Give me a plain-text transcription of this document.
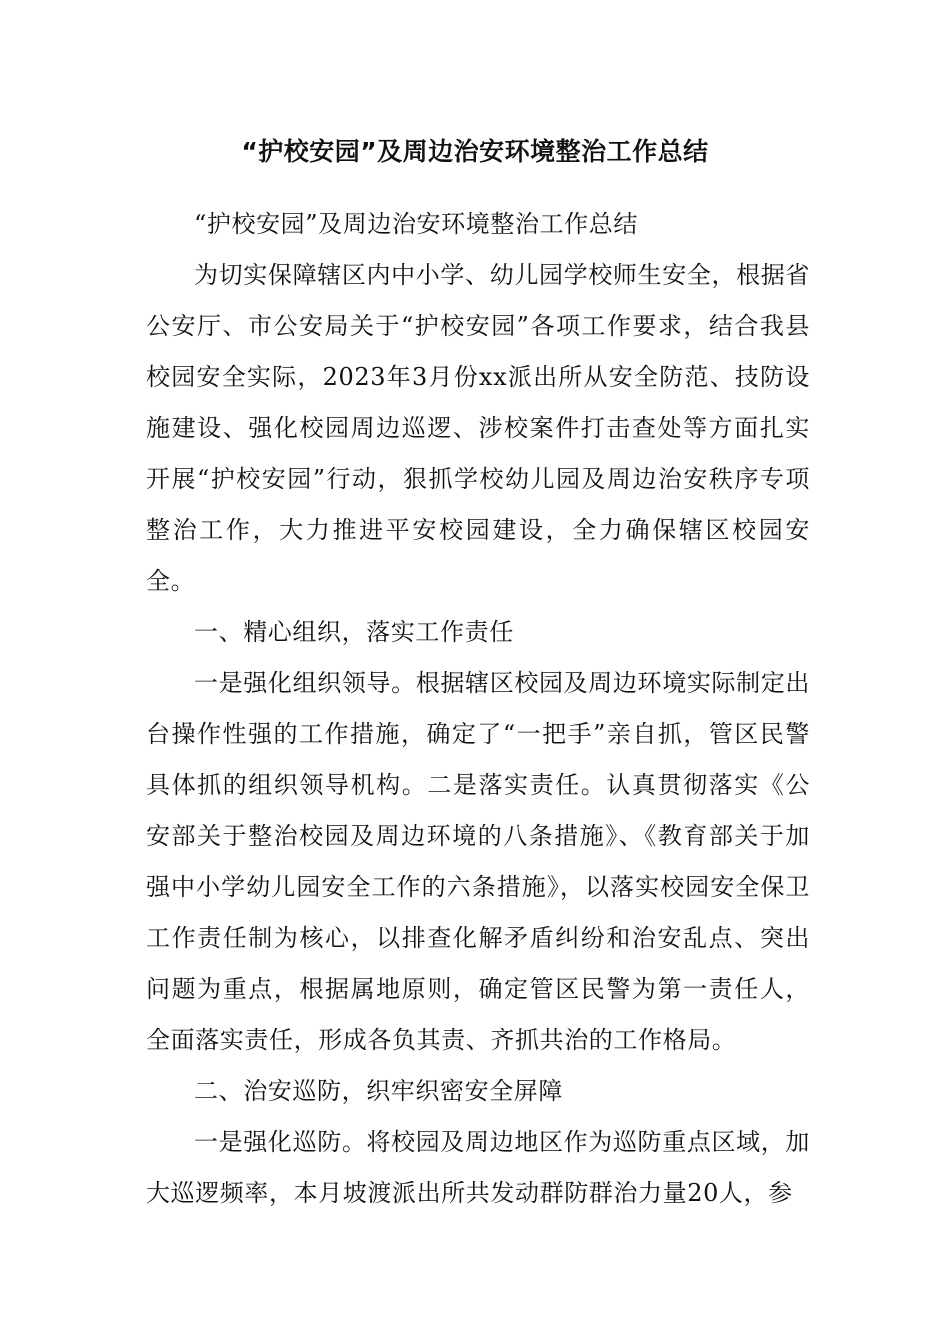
“护校安园”及周边治安环境整治工作总结

“护校安园”及周边治安环境整治工作总结

为切实保障辖区内中小学、幼儿园学校师生安全，根据省公安厅、市公安局关于“护校安园”各项工作要求，结合我县校园安全实际，2023年3月份xx派出所从安全防范、技防设施建设、强化校园周边巡逻、涉校案件打击查处等方面扎实开展“护校安园”行动，狠抓学校幼儿园及周边治安秩序专项整治工作，大力推进平安校园建设，全力确保辖区校园安全。

一、精心组织，落实工作责任

一是强化组织领导。根据辖区校园及周边环境实际制定出台操作性强的工作措施，确定了“一把手”亲自抓，管区民警具体抓的组织领导机构。二是落实责任。认真贯彻落实《公安部关于整治校园及周边环境的八条措施》、《教育部关于加强中小学幼儿园安全工作的六条措施》，以落实校园安全保卫工作责任制为核心，以排查化解矛盾纠纷和治安乱点、突出问题为重点，根据属地原则，确定管区民警为第一责任人，全面落实责任，形成各负其责、齐抓共治的工作格局。

二、治安巡防，织牢织密安全屏障

一是强化巡防。将校园及周边地区作为巡防重点区域，加大巡逻频率，本月坡渡派出所共发动群防群治力量20人，参
